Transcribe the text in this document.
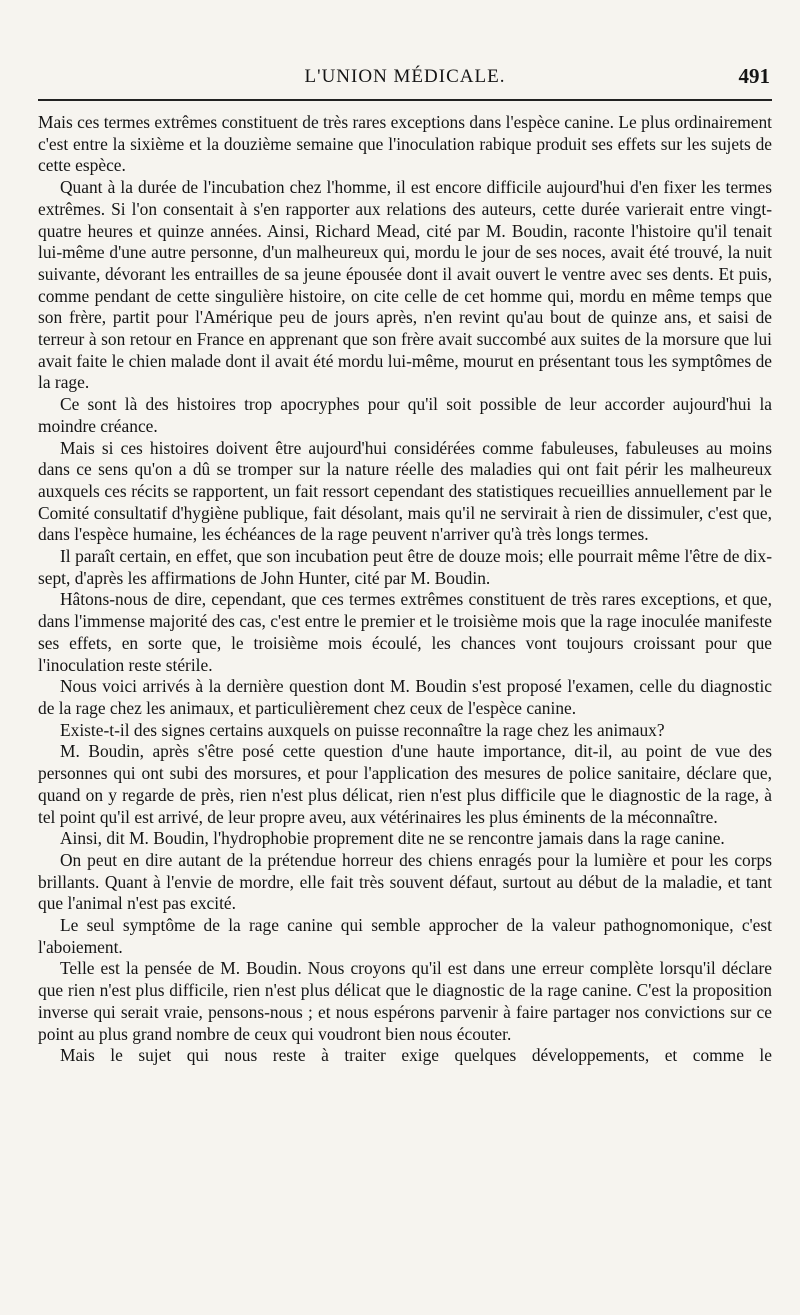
L'UNION MÉDICALE.	491

Mais ces termes extrêmes constituent de très rares exceptions dans l'espèce canine. Le plus ordinairement c'est entre la sixième et la douzième semaine que l'inoculation rabique produit ses effets sur les sujets de cette espèce.

Quant à la durée de l'incubation chez l'homme, il est encore difficile aujourd'hui d'en fixer les termes extrêmes. Si l'on consentait à s'en rapporter aux relations des auteurs, cette durée varierait entre vingt-quatre heures et quinze années. Ainsi, Richard Mead, cité par M. Boudin, raconte l'histoire qu'il tenait lui-même d'une autre personne, d'un malheureux qui, mordu le jour de ses noces, avait été trouvé, la nuit suivante, dévorant les entrailles de sa jeune épousée dont il avait ouvert le ventre avec ses dents. Et puis, comme pendant de cette singulière histoire, on cite celle de cet homme qui, mordu en même temps que son frère, partit pour l'Amérique peu de jours après, n'en revint qu'au bout de quinze ans, et saisi de terreur à son retour en France en apprenant que son frère avait succombé aux suites de la morsure que lui avait faite le chien malade dont il avait été mordu lui-même, mourut en présentant tous les symptômes de la rage.

Ce sont là des histoires trop apocryphes pour qu'il soit possible de leur accorder aujourd'hui la moindre créance.

Mais si ces histoires doivent être aujourd'hui considérées comme fabuleuses, fabuleuses au moins dans ce sens qu'on a dû se tromper sur la nature réelle des maladies qui ont fait périr les malheureux auxquels ces récits se rapportent, un fait ressort cependant des statistiques recueillies annuellement par le Comité consultatif d'hygiène publique, fait désolant, mais qu'il ne servirait à rien de dissimuler, c'est que, dans l'espèce humaine, les échéances de la rage peuvent n'arriver qu'à très longs termes.

Il paraît certain, en effet, que son incubation peut être de douze mois; elle pourrait même l'être de dix-sept, d'après les affirmations de John Hunter, cité par M. Boudin.

Hâtons-nous de dire, cependant, que ces termes extrêmes constituent de très rares exceptions, et que, dans l'immense majorité des cas, c'est entre le premier et le troisième mois que la rage inoculée manifeste ses effets, en sorte que, le troisième mois écoulé, les chances vont toujours croissant pour que l'inoculation reste stérile.

Nous voici arrivés à la dernière question dont M. Boudin s'est proposé l'examen, celle du diagnostic de la rage chez les animaux, et particulièrement chez ceux de l'espèce canine.

Existe-t-il des signes certains auxquels on puisse reconnaître la rage chez les animaux?

M. Boudin, après s'être posé cette question d'une haute importance, dit-il, au point de vue des personnes qui ont subi des morsures, et pour l'application des mesures de police sanitaire, déclare que, quand on y regarde de près, rien n'est plus délicat, rien n'est plus difficile que le diagnostic de la rage, à tel point qu'il est arrivé, de leur propre aveu, aux vétérinaires les plus éminents de la méconnaître.

Ainsi, dit M. Boudin, l'hydrophobie proprement dite ne se rencontre jamais dans la rage canine.

On peut en dire autant de la prétendue horreur des chiens enragés pour la lumière et pour les corps brillants. Quant à l'envie de mordre, elle fait très souvent défaut, surtout au début de la maladie, et tant que l'animal n'est pas excité.

Le seul symptôme de la rage canine qui semble approcher de la valeur pathognomonique, c'est l'aboiement.

Telle est la pensée de M. Boudin. Nous croyons qu'il est dans une erreur complète lorsqu'il déclare que rien n'est plus difficile, rien n'est plus délicat que le diagnostic de la rage canine. C'est la proposition inverse qui serait vraie, pensons-nous ; et nous espérons parvenir à faire partager nos convictions sur ce point au plus grand nombre de ceux qui voudront bien nous écouter.

Mais le sujet qui nous reste à traiter exige quelques développements, et comme le
